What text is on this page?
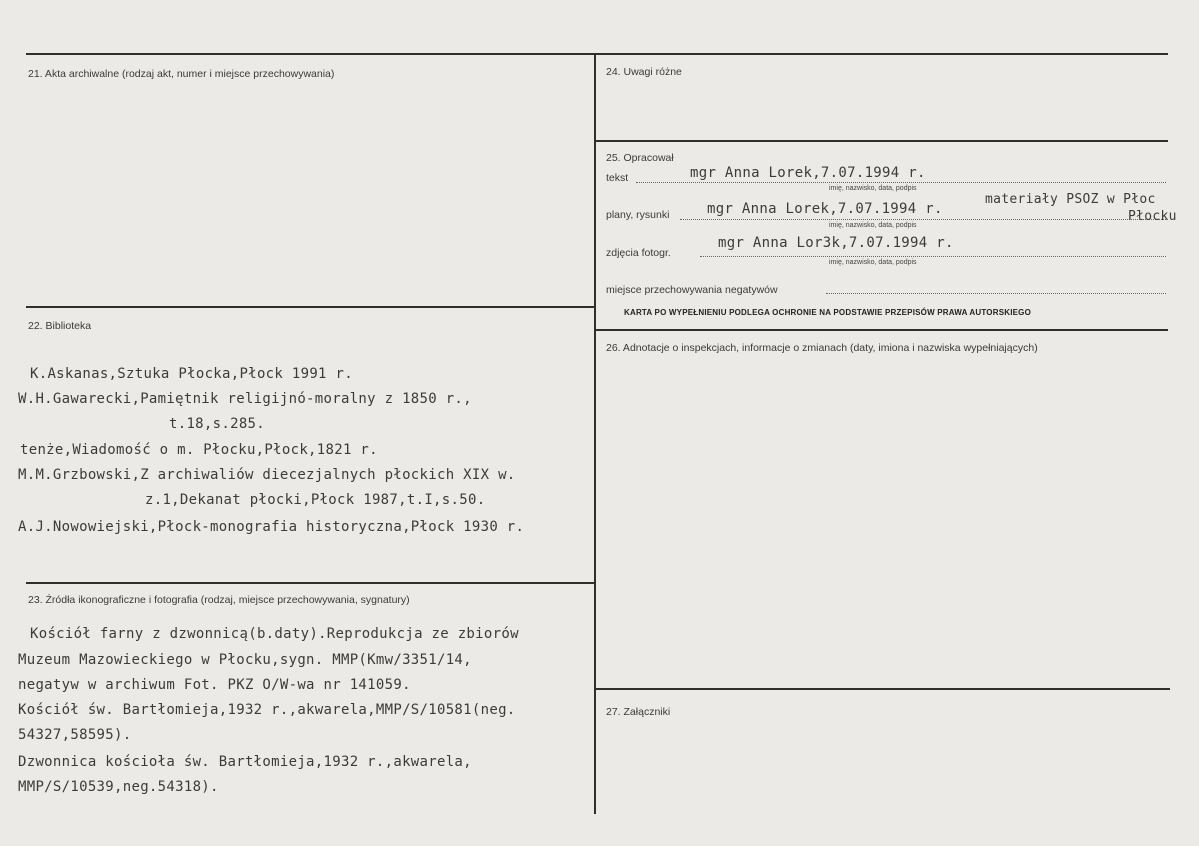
21. Akta archiwalne (rodzaj akt, numer i miejsce przechowywania)
22. Biblioteka
K.Askanas,Sztuka Płocka,Płock 1991 r.
W.H.Gawarecki,Pamiętnik religijnó-moralny z 1850 r.,
t.18,s.285.
tenże,Wiadomość o m. Płocku,Płock,1821 r.
M.M.Grzbowski,Z archiwaliów diecezjalnych płockich XIX w.
z.1,Dekanat płocki,Płock 1987,t.I,s.50.
A.J.Nowowiejski,Płock-monografia historyczna,Płock 1930 r.
23. Źródła ikonograficzne i fotografia (rodzaj, miejsce przechowywania, sygnatury)
Kościół farny z dzwonnicą(b.daty).Reprodukcja ze zbiorów
Muzeum Mazowieckiego w Płocku,sygn. MMP(Kmw/3351/14,
negatyw w archiwum Fot. PKZ O/W-wa nr 141059.
Kościół św. Bartłomieja,1932 r.,akwarela,MMP/S/10581(neg.
54327,58595).
Dzwonnica kościoła św. Bartłomieja,1932 r.,akwarela,
MMP/S/10539,neg.54318).
24. Uwagi różne
25. Opracował
tekst	mgr Anna Lorek,7.07.1994 r.
imię, nazwisko, data, podpis
plany, rysunki	mgr Anna Lorek,7.07.1994 r.
materiały PSOZ w Płoc
Płocku
imię, nazwisko, data, podpis
zdjęcia fotogr.
mgr Anna Lor3k,7.07.1994 r.
imię, nazwisko, data, podpis
miejsce przechowywania negatywów
KARTA PO WYPEŁNIENIU PODLEGA OCHRONIE NA PODSTAWIE PRZEPISÓW PRAWA AUTORSKIEGO
26. Adnotacje o inspekcjach, informacje o zmianach (daty, imiona i nazwiska wypełniających)
27. Załączniki
